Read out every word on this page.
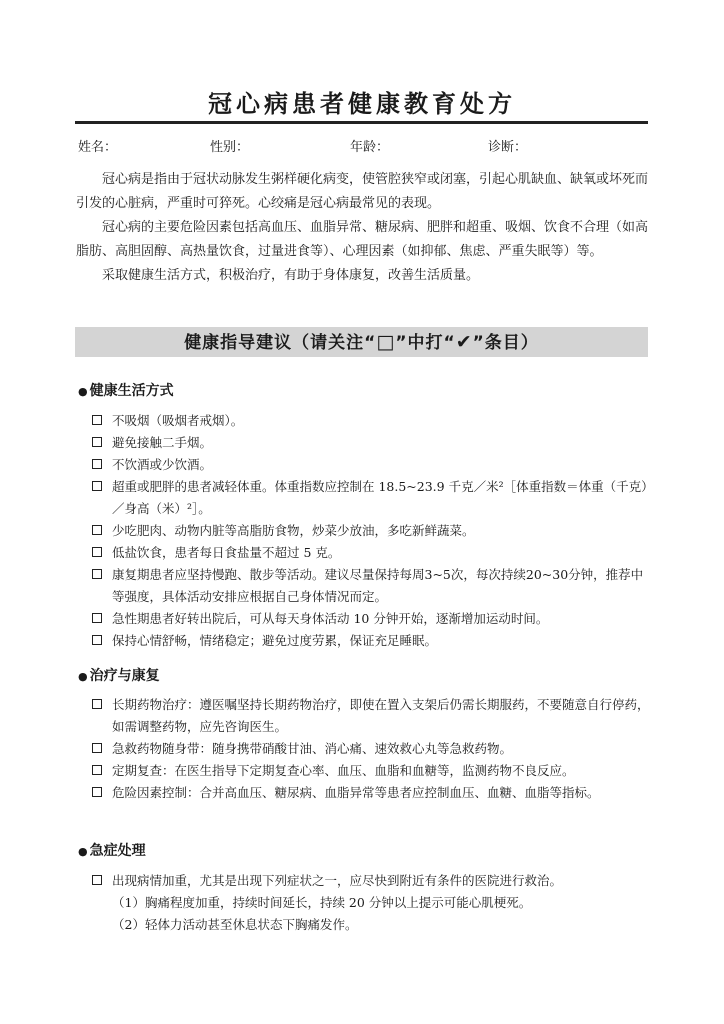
冠心病患者健康教育处方
姓名：	性别：	年龄：	诊断：

冠心病是指由于冠状动脉发生粥样硬化病变，使管腔狭窄或闭塞，引起心肌缺血、缺氧或坏死而引发的心脏病，严重时可猝死。心绞痛是冠心病最常见的表现。

冠心病的主要危险因素包括高血压、血脂异常、糖尿病、肥胖和超重、吸烟、饮食不合理（如高脂肪、高胆固醇、高热量饮食，过量进食等）、心理因素（如抑郁、焦虑、严重失眠等）等。

采取健康生活方式，积极治疗，有助于身体康复，改善生活质量。

健康指导建议（请关注“□”中打“✔”条目）
● 健康生活方式
不吸烟（吸烟者戒烟）。
避免接触二手烟。
不饮酒或少饮酒。
超重或肥胖的患者减轻体重。体重指数应控制在 18.5~23.9 千克／米²［体重指数＝体重（千克）／身高（米）²］。
少吃肥肉、动物内脏等高脂肪食物，炒菜少放油，多吃新鲜蔬菜。
低盐饮食，患者每日食盐量不超过 5 克。
康复期患者应坚持慢跑、散步等活动。建议尽量保持每周3~5次，每次持续20~30分钟，推荐中等强度，具体活动安排应根据自己身体情况而定。
急性期患者好转出院后，可从每天身体活动 10 分钟开始，逐渐增加运动时间。
保持心情舒畅，情绪稳定；避免过度劳累，保证充足睡眠。
● 治疗与康复
长期药物治疗：遵医嘱坚持长期药物治疗，即使在置入支架后仍需长期服药，不要随意自行停药，如需调整药物，应先咨询医生。
急救药物随身带：随身携带硝酸甘油、消心痛、速效救心丸等急救药物。
定期复查：在医生指导下定期复查心率、血压、血脂和血糖等，监测药物不良反应。
危险因素控制：合并高血压、糖尿病、血脂异常等患者应控制血压、血糖、血脂等指标。
● 急症处理
出现病情加重，尤其是出现下列症状之一，应尽快到附近有条件的医院进行救治。
（1）胸痛程度加重，持续时间延长，持续 20 分钟以上提示可能心肌梗死。
（2）轻体力活动甚至休息状态下胸痛发作。
